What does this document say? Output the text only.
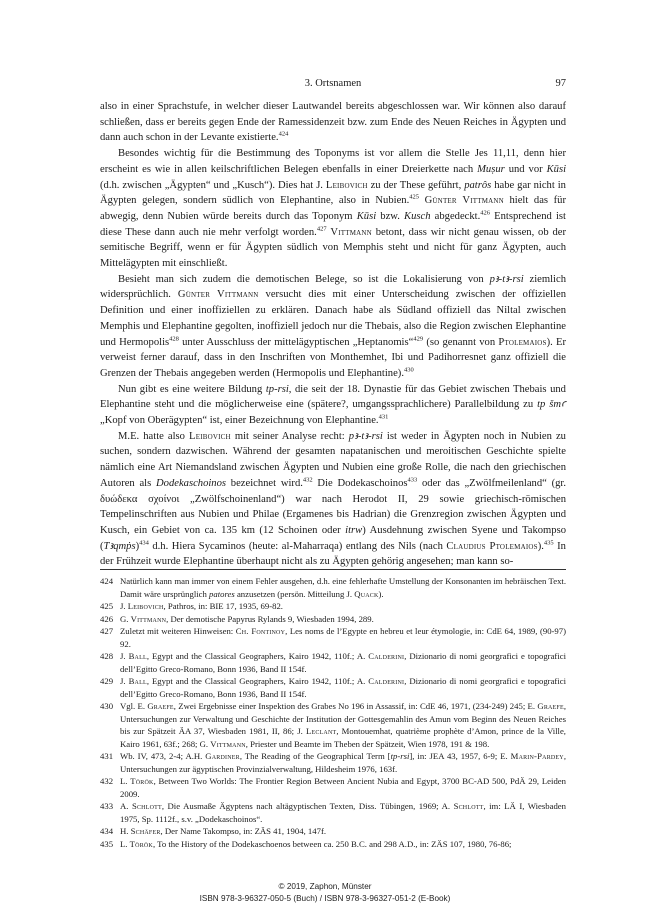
3. Ortsnamen	97

also in einer Sprachstufe, in welcher dieser Lautwandel bereits abgeschlossen war. Wir können also darauf schließen, dass er bereits gegen Ende der Ramessidenzeit bzw. zum Ende des Neuen Reiches in Ägypten und dann auch schon in der Levante existierte.$^{424}$

Besondes wichtig für die Bestimmung des Toponyms ist vor allem die Stelle Jes 11,11, denn hier erscheint es wie in allen keilschriftlichen Belegen ebenfalls in einer Dreierkette nach Muṣur und vor Kūsi (d.h. zwischen „Ägypten“ und „Kusch“). Dies hat J. Leibovich zu der These geführt, patrôs habe gar nicht in Ägypten gelegen, sondern südlich von Elephantine, also in Nubien.$^{425}$ Günter Vittmann hielt das für abwegig, denn Nubien würde bereits durch das Toponym Kūsi bzw. Kusch abgedeckt.$^{426}$ Entsprechend ist diese These dann auch nie mehr verfolgt worden.$^{427}$ Vittmann betont, dass wir nicht genau wissen, ob der semitische Begriff, wenn er für Ägypten südlich von Memphis steht und nicht für ganz Ägypten, auch Mittelägypten mit einschließt.

Besieht man sich zudem die demotischen Belege, so ist die Lokalisierung von pꜣ-tꜣ-rsi ziemlich widersprüchlich. Günter Vittmann versucht dies mit einer Unterscheidung zwischen der offiziellen Definition und einer inoffiziellen zu erklären. Danach habe als Südland offiziell das Niltal zwischen Memphis und Elephantine gegolten, inoffiziell jedoch nur die Thebais, also die Region zwischen Elephantine und Hermopolis$^{428}$ unter Ausschluss der mittelägyptischen „Heptanomis“$^{429}$ (so genannt von Ptolemaios). Er verweist ferner darauf, dass in den Inschriften von Monthemhet, Ibi und Padihorresnet ganz offiziell die Grenzen der Thebais angegeben werden (Hermopolis und Elephantine).$^{430}$

Nun gibt es eine weitere Bildung tp-rsi, die seit der 18. Dynastie für das Gebiet zwischen Thebais und Elephantine steht und die möglicherweise eine (spätere?, umgangssprachlichere) Parallelbildung zu tp šmꜥ „Kopf von Oberägypten“ ist, einer Bezeichnung von Elephantine.$^{431}$

M.E. hatte also Leibovich mit seiner Analyse recht: pꜣ-tꜣ-rsi ist weder in Ägypten noch in Nubien zu suchen, sondern dazwischen. Während der gesamten napatanischen und meroitischen Geschichte spielte nämlich eine Art Niemandsland zwischen Ägypten und Nubien eine große Rolle, die nach den griechischen Autoren als Dodekaschoinos bezeichnet wird.$^{432}$ Die Dodekaschoinos$^{433}$ oder das „Zwölfmeilenland“ (gr. δυώδεκα σχοίνοι „Zwölfschoinenland“) war nach Herodot II, 29 sowie griechisch-römischen Tempelinschriften aus Nubien und Philae (Ergamenes bis Hadrian) die Grenzregion zwischen Ägypten und Kusch, ein Gebiet von ca. 135 km (12 Schoinen oder itrw) Ausdehnung zwischen Syene und Takompso (Tꜣqmṗs)$^{434}$ d.h. Hiera Sycaminos (heute: al-Maharraqa) entlang des Nils (nach Claudius Ptolemaios).$^{435}$ In der Frühzeit wurde Elephantine überhaupt nicht als zu Ägypten gehörig angesehen; man kann so-

424 Natürlich kann man immer von einem Fehler ausgehen, d.h. eine fehlerhafte Umstellung der Konsonanten im hebräischen Text. Damit wäre ursprünglich patores anzusetzen (persön. Mitteilung J. Quack).
425 J. Leibovich, Pathros, in: BIE 17, 1935, 69-82.
426 G. Vittmann, Der demotische Papyrus Rylands 9, Wiesbaden 1994, 289.
427 Zuletzt mit weiteren Hinweisen: Ch. Fontinoy, Les noms de l’Egypte en hebreu et leur étymologie, in: CdE 64, 1989, (90-97) 92.
428 J. Ball, Egypt and the Classical Geographers, Kairo 1942, 110f.; A. Calderini, Dizionario di nomi georgrafici e topografici dell’Egitto Greco-Romano, Bonn 1936, Band II 154f.
429 J. Ball, Egypt and the Classical Geographers, Kairo 1942, 110f.; A. Calderini, Dizionario di nomi georgrafici e topografici dell’Egitto Greco-Romano, Bonn 1936, Band II 154f.
430 Vgl. E. Graefe, Zwei Ergebnisse einer Inspektion des Grabes No 196 in Assassif, in: CdE 46, 1971, (234-249) 245; E. Graefe, Untersuchungen zur Verwaltung und Geschichte der Institution der Gottesgemahlin des Amun vom Beginn des Neuen Reiches bis zur Spätzeit ÄA 37, Wiesbaden 1981, II, 86; J. Leclant, Montouemhat, quatrième prophète d’Amon, prince de la Ville, Kairo 1961, 63f.; 268; G. Vittmann, Priester und Beamte im Theben der Spätzeit, Wien 1978, 191 & 198.
431 Wb. IV, 473, 2-4; A.H. Gardiner, The Reading of the Geographical Term [tp-rsi], in: JEA 43, 1957, 6-9; E. Marin-Pardey, Untersuchungen zur ägyptischen Provinzialverwaltung, Hildesheim 1976, 163f.
432 L. Török, Between Two Worlds: The Frontier Region Between Ancient Nubia and Egypt, 3700 BC-AD 500, PdÄ 29, Leiden 2009.
433 A. Schlott, Die Ausmaße Ägyptens nach altägyptischen Texten, Diss. Tübingen, 1969; A. Schlott, im: LÄ I, Wiesbaden 1975, Sp. 1112f., s.v. „Dodekaschoinos“.
434 H. Schäfer, Der Name Takompso, in: ZÄS 41, 1904, 147f.
435 L. Török, To the History of the Dodekaschoenos between ca. 250 B.C. and 298 A.D., in: ZÄS 107, 1980, 76-86;
© 2019, Zaphon, Münster
ISBN 978-3-96327-050-5 (Buch) / ISBN 978-3-96327-051-2 (E-Book)
